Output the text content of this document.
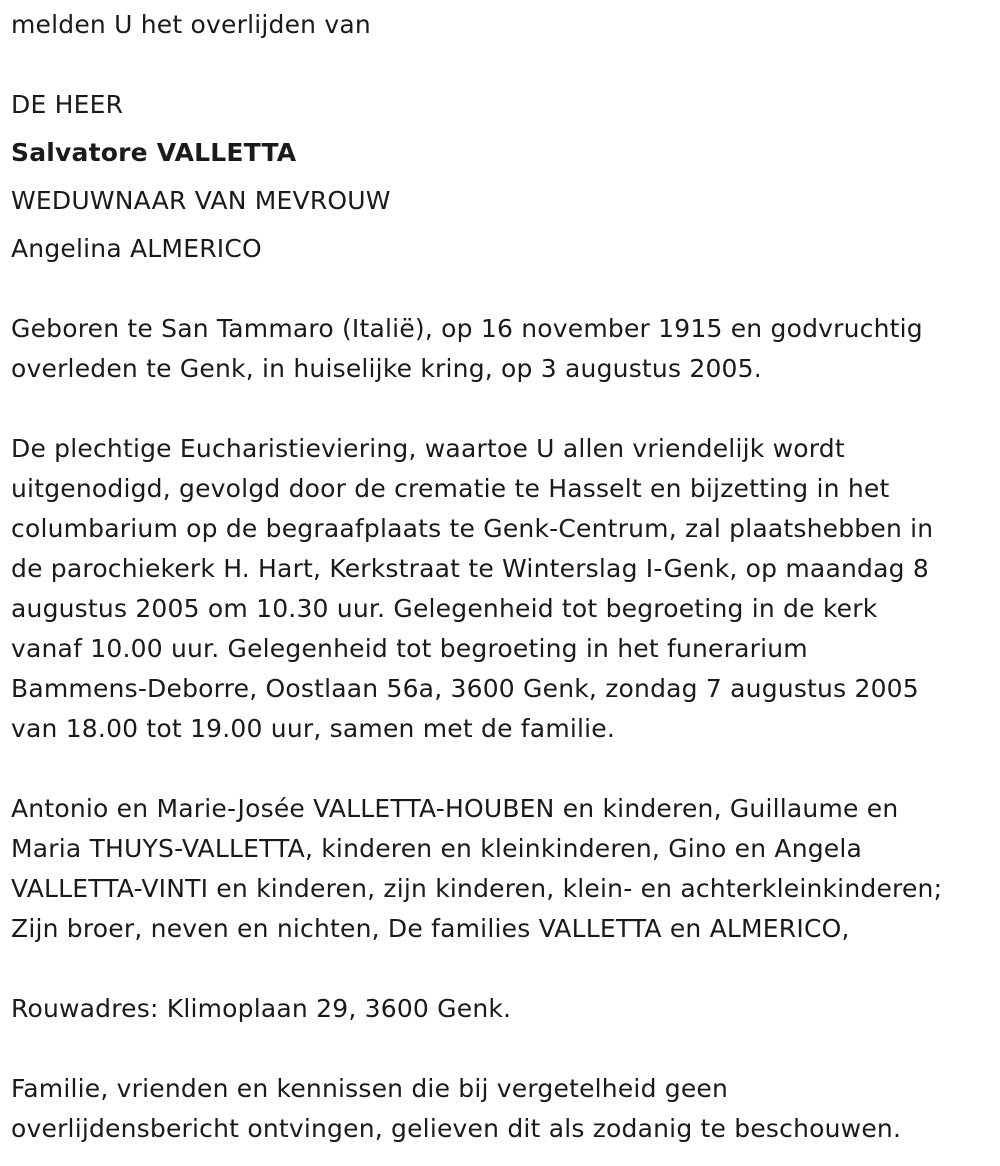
melden U het overlijden van
DE HEER
Salvatore VALLETTA
WEDUWNAAR VAN MEVROUW
Angelina ALMERICO
Geboren te San Tammaro (Italië), op 16 november 1915 en godvruchtig
overleden te Genk, in huiselijke kring, op 3 augustus 2005.
De plechtige Eucharistieviering, waartoe U allen vriendelijk wordt
uitgenodigd, gevolgd door de crematie te Hasselt en bijzetting in het
columbarium op de begraafplaats te Genk-Centrum, zal plaatshebben in
de parochiekerk H. Hart, Kerkstraat te Winterslag I-Genk, op maandag 8
augustus 2005 om 10.30 uur. Gelegenheid tot begroeting in de kerk
vanaf 10.00 uur. Gelegenheid tot begroeting in het funerarium
Bammens-Deborre, Oostlaan 56a, 3600 Genk, zondag 7 augustus 2005
van 18.00 tot 19.00 uur, samen met de familie.
Antonio en Marie-Josée VALLETTA-HOUBEN en kinderen, Guillaume en
Maria THUYS-VALLETTA, kinderen en kleinkinderen, Gino en Angela
VALLETTA-VINTI en kinderen, zijn kinderen, klein- en achterkleinkinderen;
Zijn broer, neven en nichten, De families VALLETTA en ALMERICO,
Rouwadres: Klimoplaan 29, 3600 Genk.
Familie, vrienden en kennissen die bij vergetelheid geen
overlijdensbericht ontvingen, gelieven dit als zodanig te beschouwen.
